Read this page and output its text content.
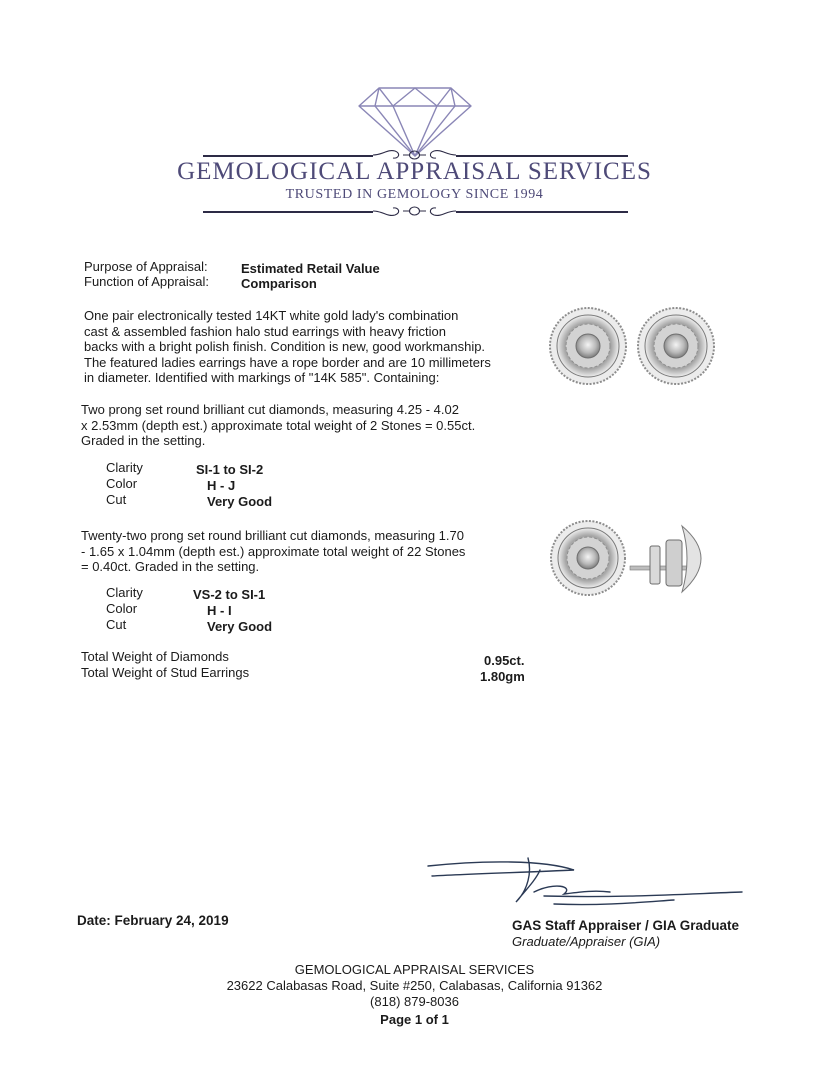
GEMOLOGICAL APPRAISAL SERVICES
TRUSTED IN GEMOLOGY SINCE 1994
Purpose of Appraisal:	Estimated Retail Value
Function of Appraisal: Comparison
One pair electronically tested 14KT white gold lady's combination
cast & assembled fashion halo stud earrings with heavy friction
backs with a bright polish finish. Condition is new, good workmanship.
The featured ladies earrings have a rope border and are 10 millimeters
in diameter. Identified with markings of "14K 585". Containing:
Two prong set round brilliant cut diamonds, measuring 4.25 - 4.02
x 2.53mm (depth est.) approximate total weight of 2 Stones = 0.55ct.
Graded in the setting.
Clarity	SI-1 to SI-2
Color	H - J
Cut	Very Good
Twenty-two prong set round brilliant cut diamonds, measuring 1.70
- 1.65 x 1.04mm (depth est.) approximate total weight of 22 Stones
= 0.40ct. Graded in the setting.
Clarity	VS-2 to SI-1
Color	H - I
Cut	Very Good
Total Weight of Diamonds	0.95ct.
Total Weight of Stud Earrings	1.80gm
Date: February 24, 2019	GAS Staff Appraiser / GIA Graduate
Graduate/Appraiser (GIA)
GEMOLOGICAL APPRAISAL SERVICES
23622 Calabasas Road, Suite #250, Calabasas, California 91362
(818) 879-8036
Page 1 of 1
